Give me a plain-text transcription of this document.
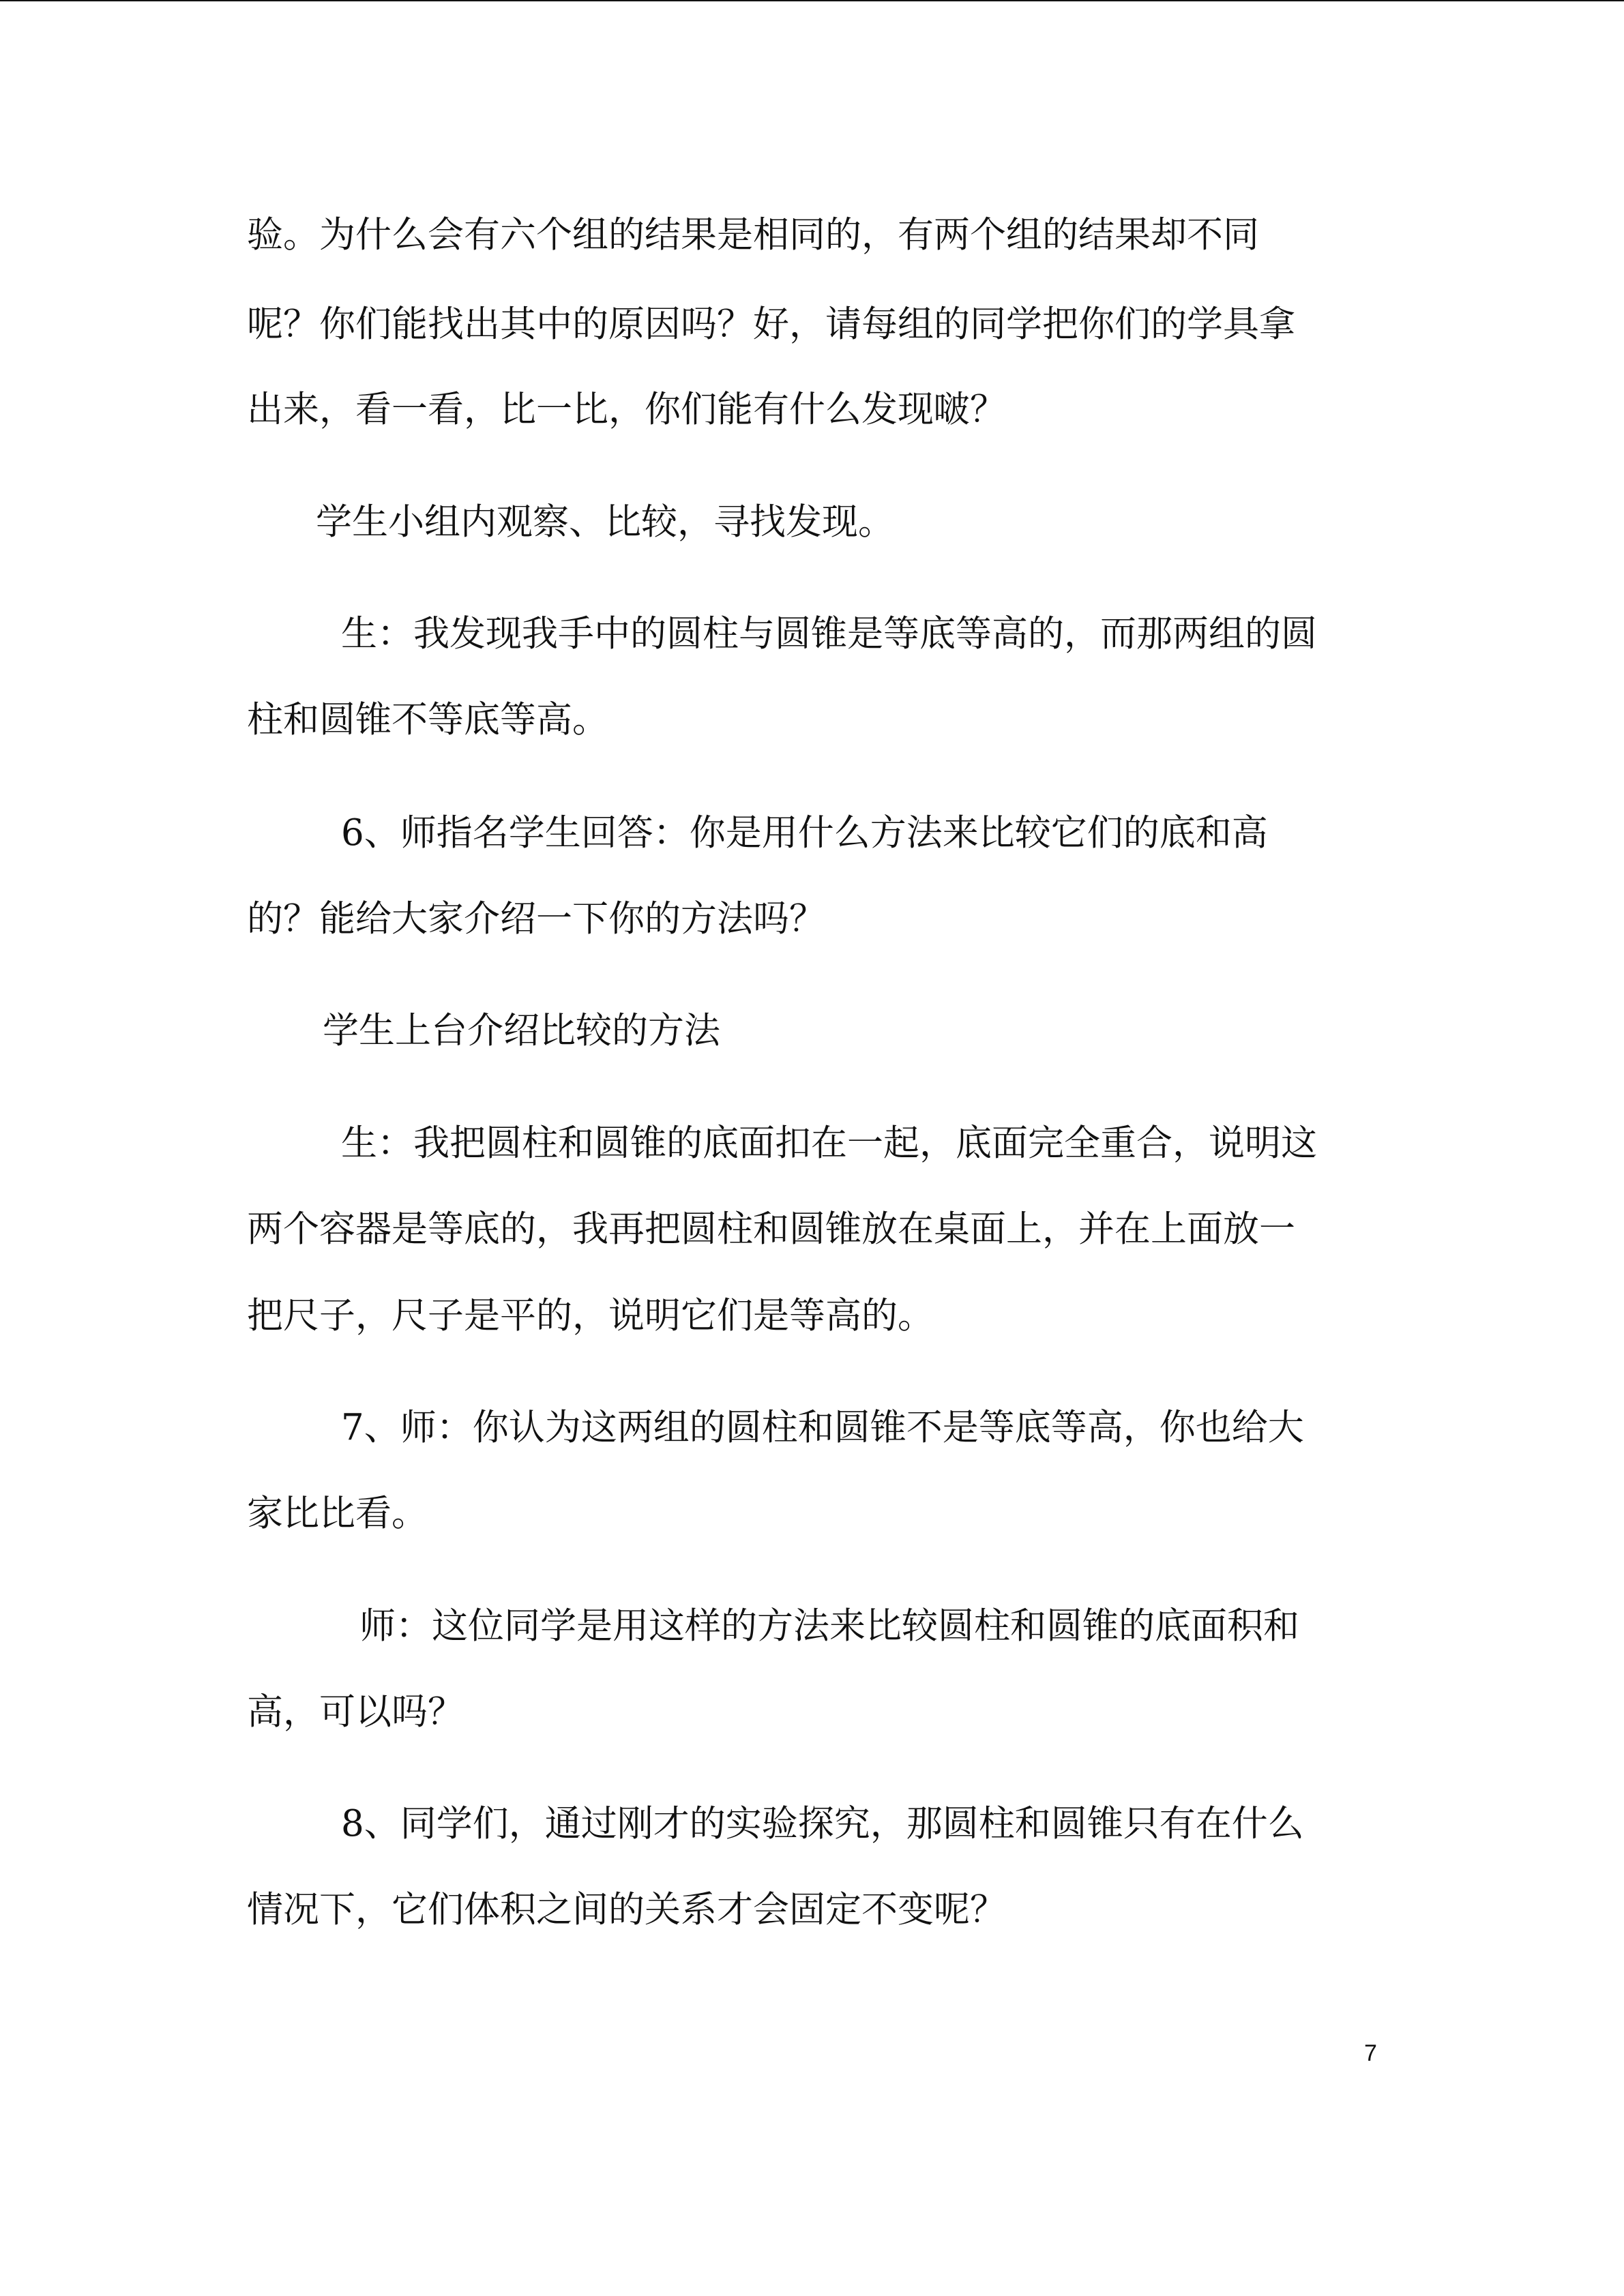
验。为什么会有六个组的结果是相同的，有两个组的结果却不同
呢？你们能找出其中的原因吗？好，请每组的同学把你们的学具拿
出来，看一看，比一比，你们能有什么发现啵？
学生小组内观察、比较，寻找发现。
生：我发现我手中的圆柱与圆锥是等底等高的，而那两组的圆
柱和圆锥不等底等高。
6、师指名学生回答：你是用什么方法来比较它们的底和高
的？能给大家介绍一下你的方法吗？
学生上台介绍比较的方法
生：我把圆柱和圆锥的底面扣在一起，底面完全重合，说明这
两个容器是等底的，我再把圆柱和圆锥放在桌面上，并在上面放一
把尺子，尺子是平的，说明它们是等高的。
7、师：你认为这两组的圆柱和圆锥不是等底等高，你也给大
家比比看。
师：这位同学是用这样的方法来比较圆柱和圆锥的底面积和
高，可以吗？
8、同学们，通过刚才的实验探究，那圆柱和圆锥只有在什么
情况下，它们体积之间的关系才会固定不变呢？
7
